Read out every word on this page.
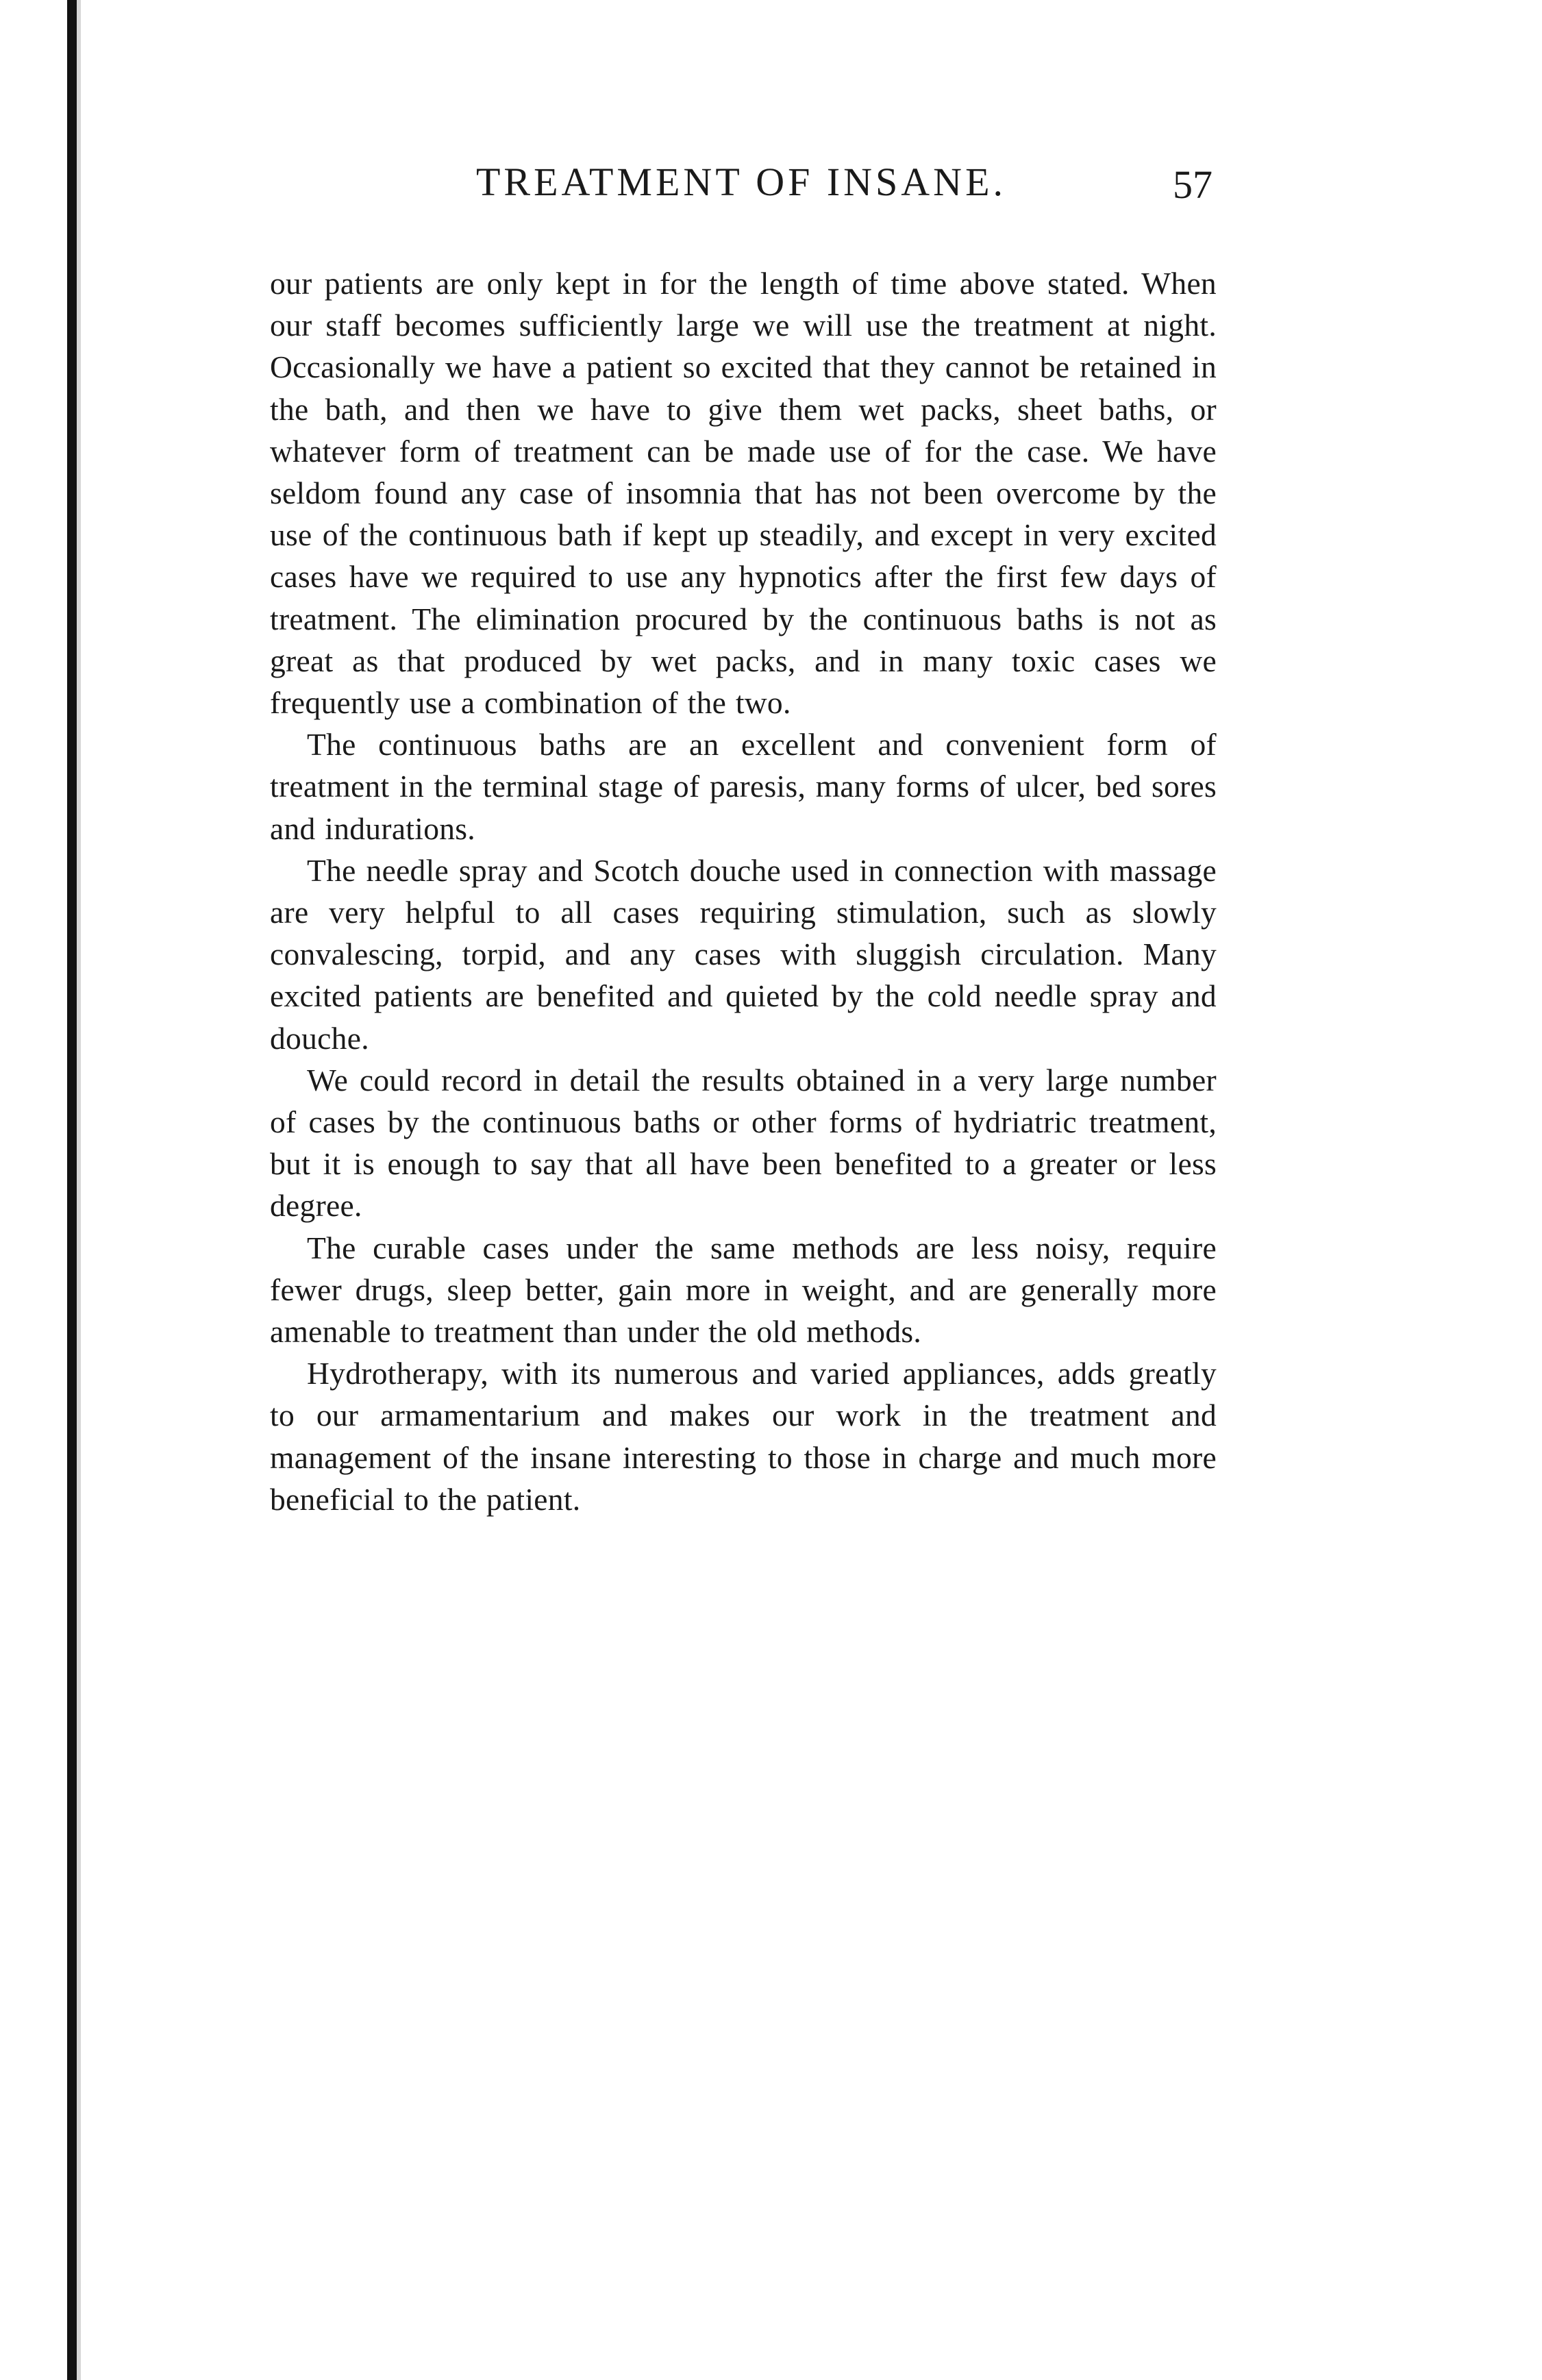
TREATMENT OF INSANE.	57

our patients are only kept in for the length of time above stated. When our staff becomes sufficiently large we will use the treatment at night. Occasionally we have a patient so excited that they cannot be retained in the bath, and then we have to give them wet packs, sheet baths, or whatever form of treatment can be made use of for the case. We have seldom found any case of insomnia that has not been overcome by the use of the continuous bath if kept up steadily, and except in very excited cases have we required to use any hypnotics after the first few days of treatment. The elimination procured by the continuous baths is not as great as that produced by wet packs, and in many toxic cases we frequently use a combination of the two.

The continuous baths are an excellent and convenient form of treatment in the terminal stage of paresis, many forms of ulcer, bed sores and indurations.

The needle spray and Scotch douche used in connection with massage are very helpful to all cases requiring stimulation, such as slowly convalescing, torpid, and any cases with sluggish circulation. Many excited patients are benefited and quieted by the cold needle spray and douche.

We could record in detail the results obtained in a very large number of cases by the continuous baths or other forms of hydriatric treatment, but it is enough to say that all have been benefited to a greater or less degree.

The curable cases under the same methods are less noisy, require fewer drugs, sleep better, gain more in weight, and are generally more amenable to treatment than under the old methods.

Hydrotherapy, with its numerous and varied appliances, adds greatly to our armamentarium and makes our work in the treatment and management of the insane interesting to those in charge and much more beneficial to the patient.
